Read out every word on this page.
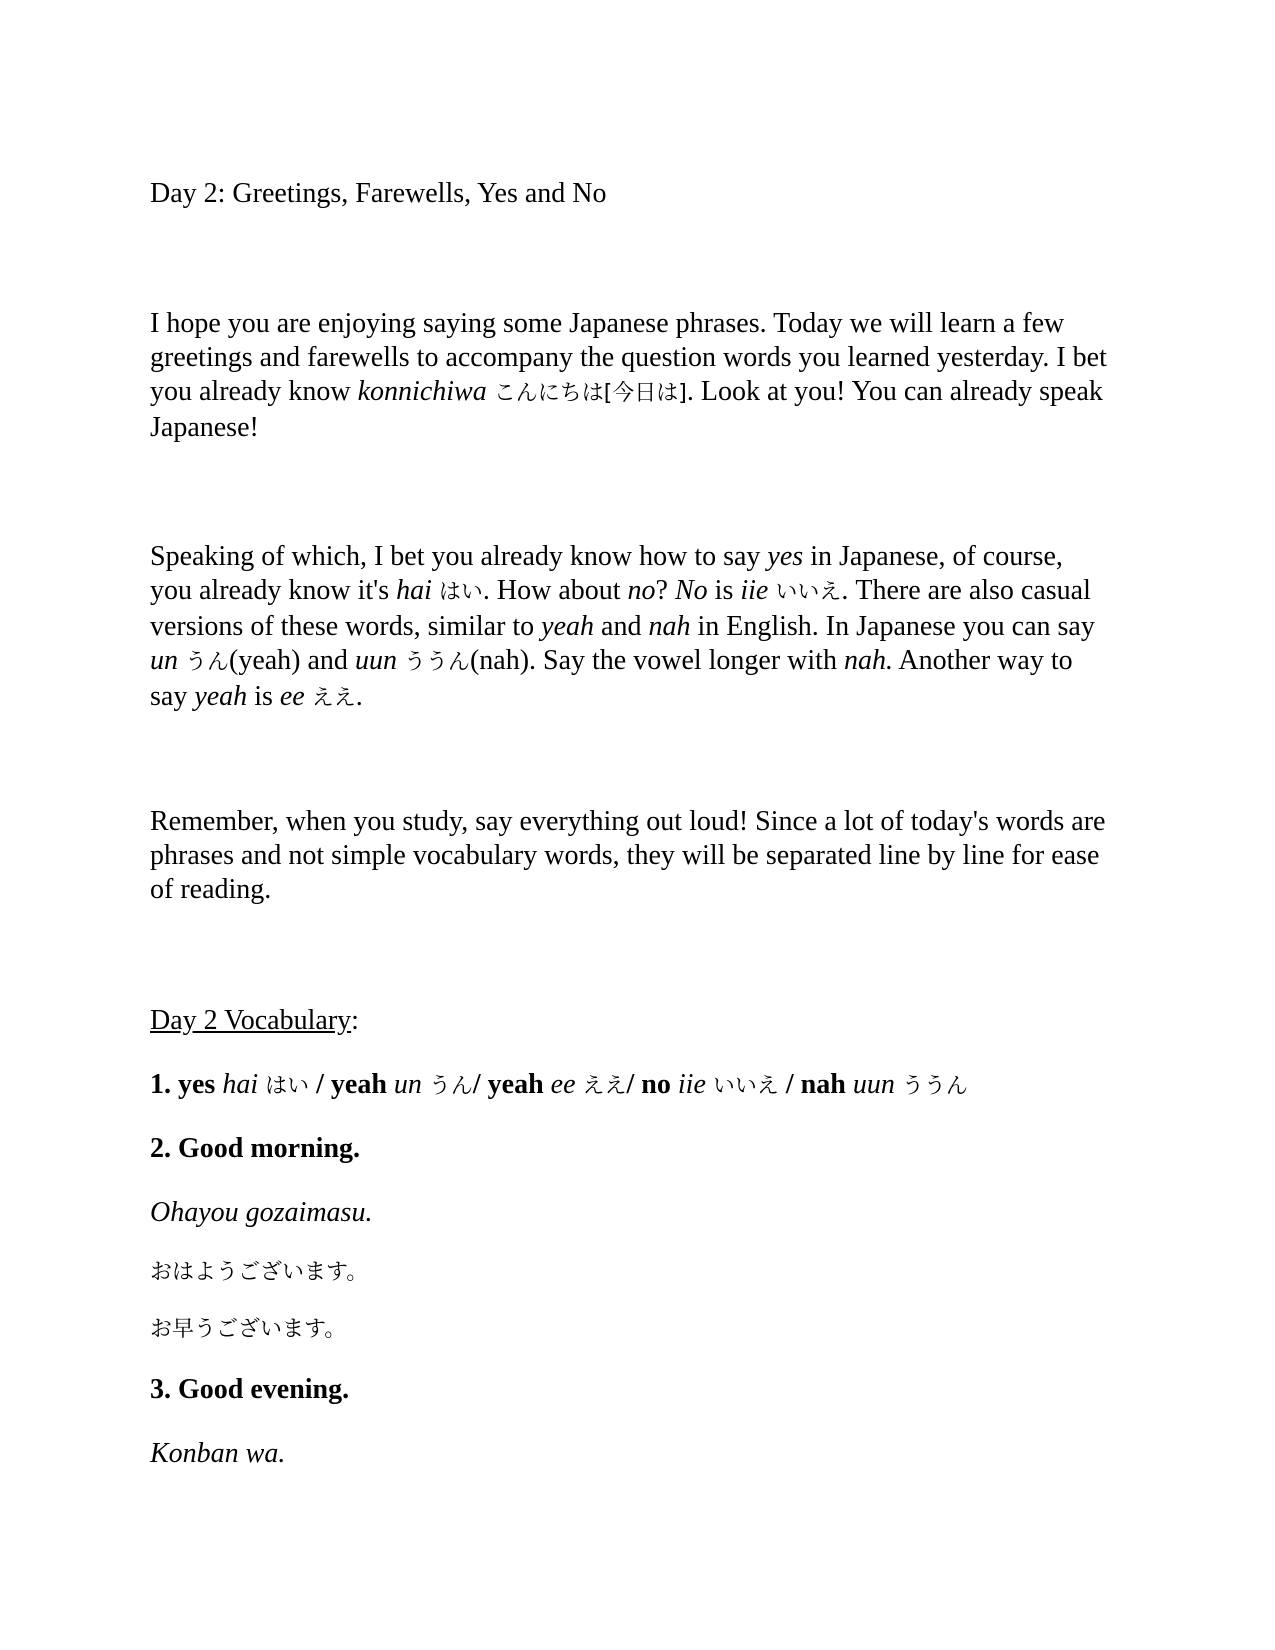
Day 2: Greetings, Farewells, Yes and No

I hope you are enjoying saying some Japanese phrases. Today we will learn a few greetings and farewells to accompany the question words you learned yesterday. I bet you already know konnichiwa こんにちは[今日は]. Look at you! You can already speak Japanese!

Speaking of which, I bet you already know how to say yes in Japanese, of course, you already know it's hai はい. How about no? No is iie いいえ. There are also casual versions of these words, similar to yeah and nah in English. In Japanese you can say un うん(yeah) and uun ううん(nah). Say the vowel longer with nah. Another way to say yeah is ee ええ.

Remember, when you study, say everything out loud! Since a lot of today's words are phrases and not simple vocabulary words, they will be separated line by line for ease of reading.

Day 2 Vocabulary:

1. yes hai はい / yeah un うん/ yeah ee ええ/ no iie いいえ / nah uun ううん

2. Good morning.

Ohayou gozaimasu.

おはようございます。

お早うございます。

3. Good evening.

Konban wa.
